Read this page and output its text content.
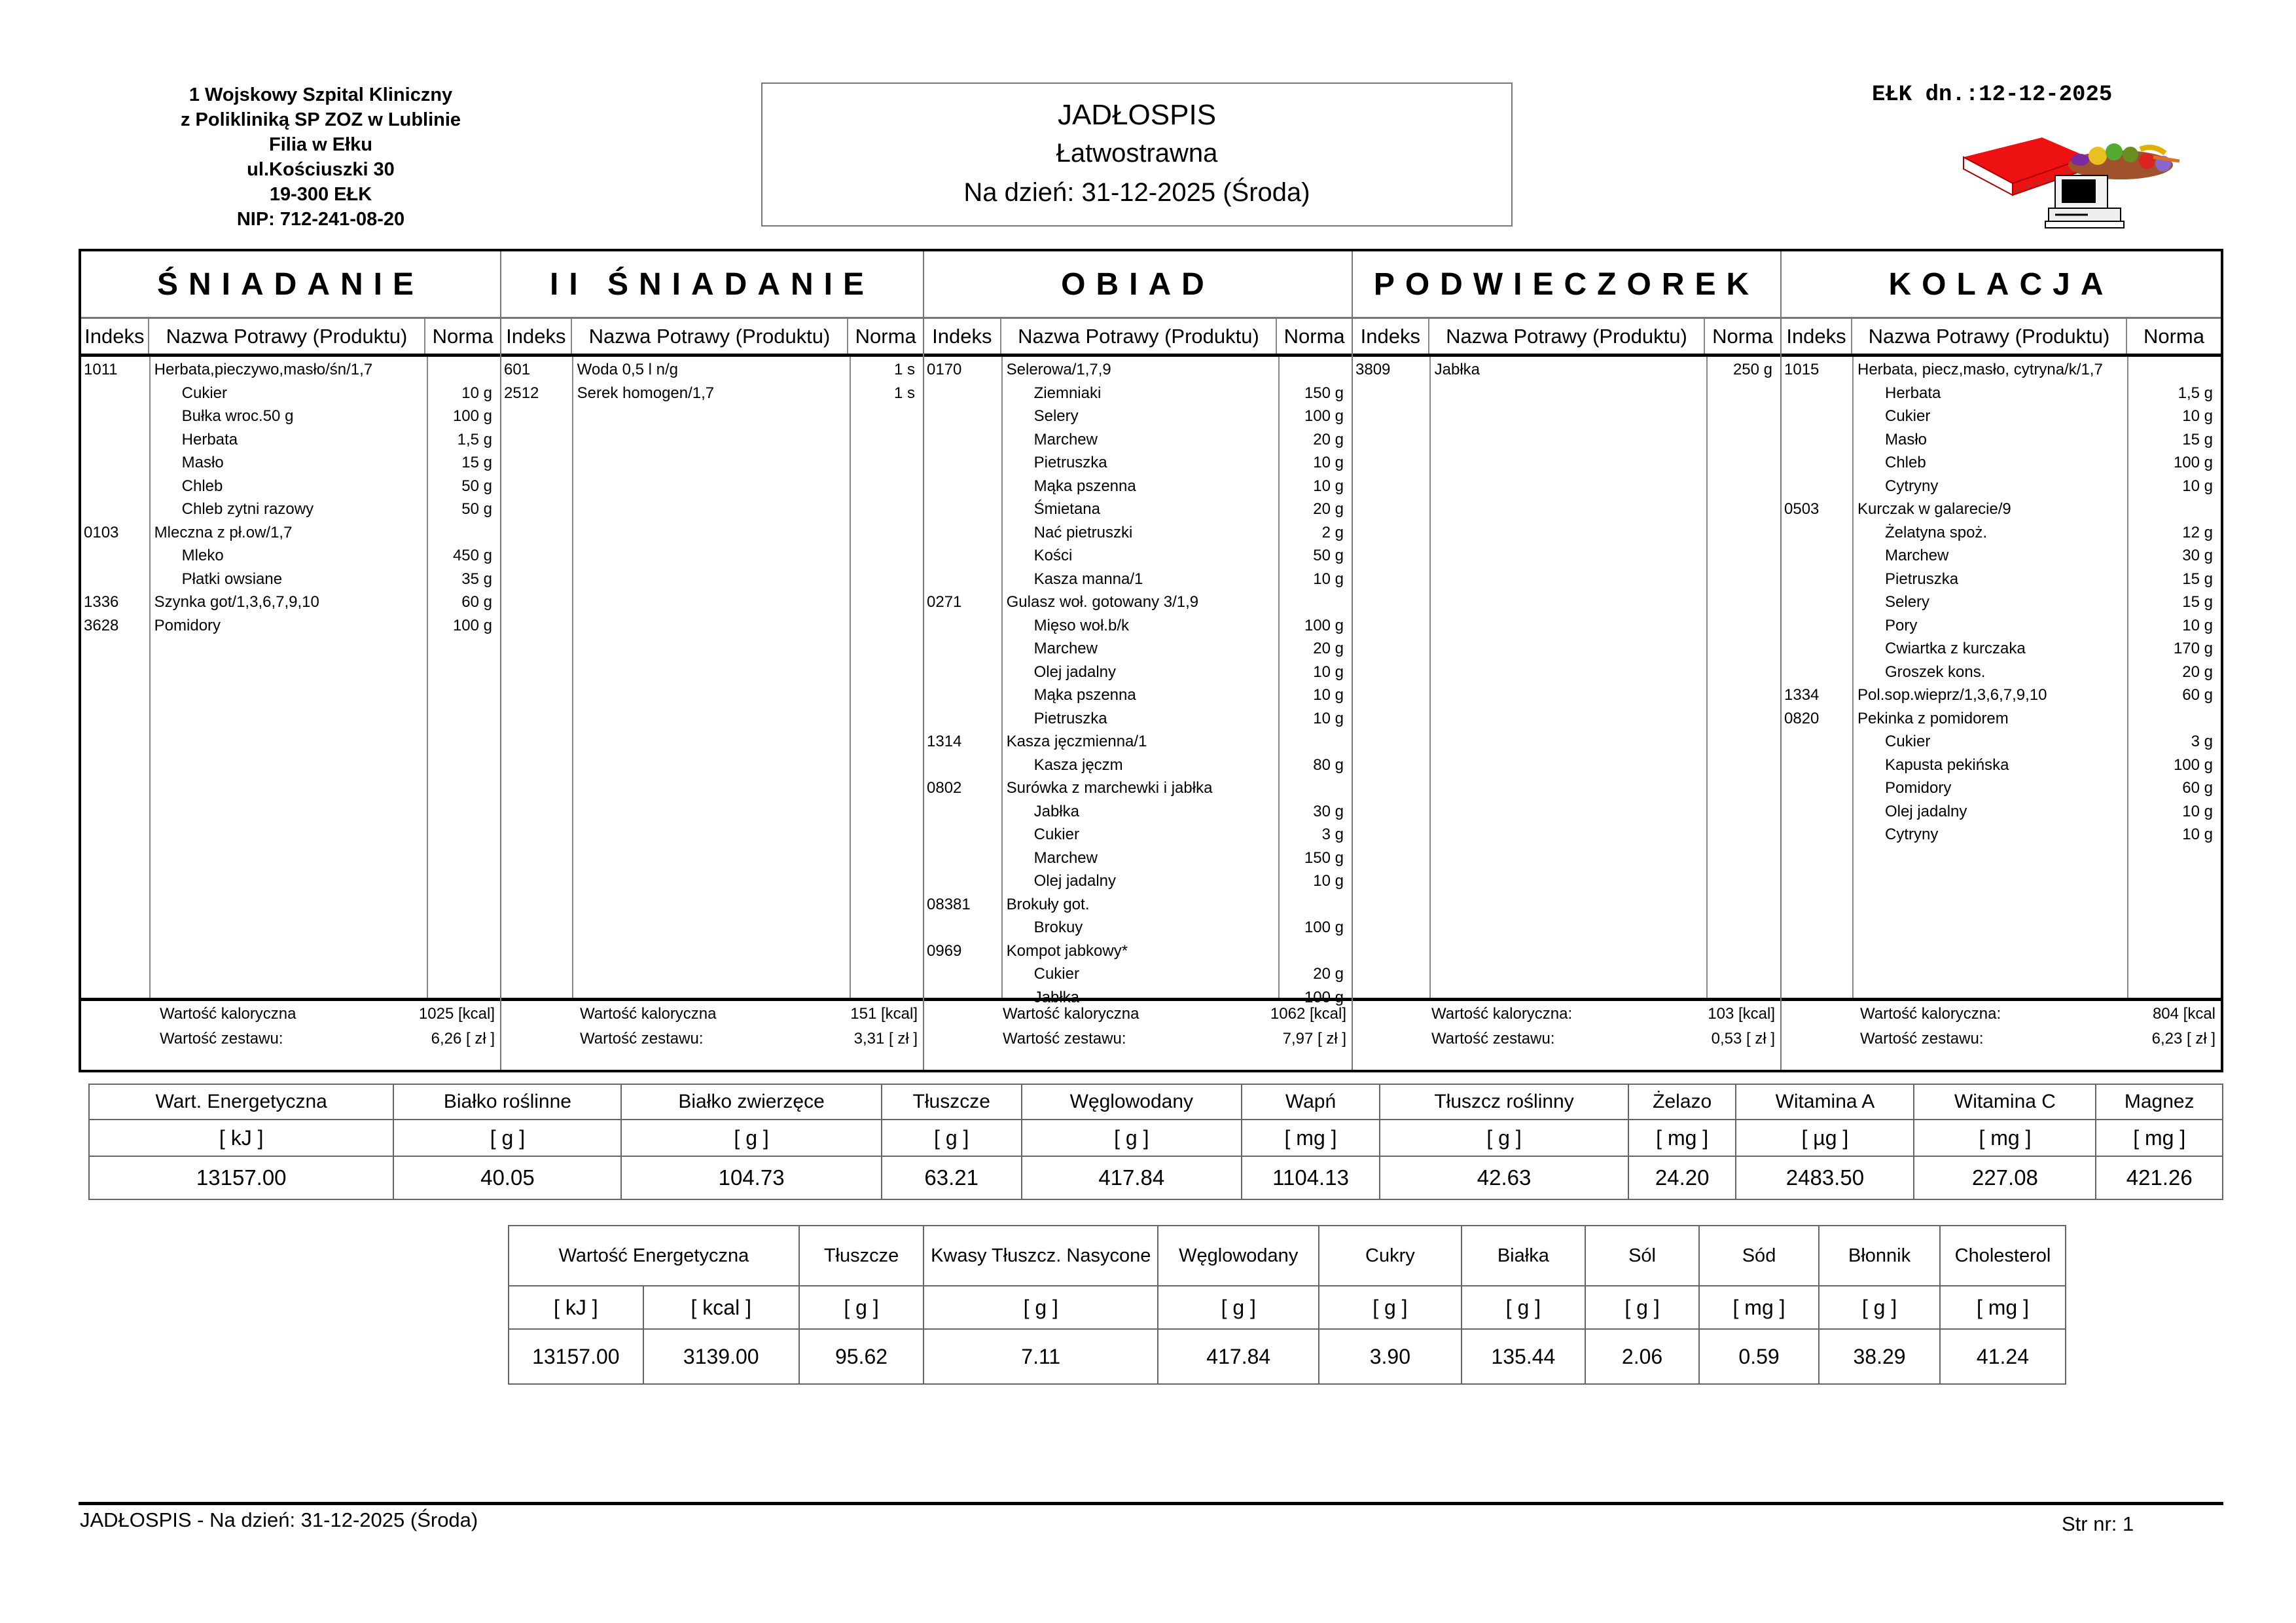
1 Wojskowy Szpital Kliniczny
z Polikliniką SP ZOZ w Lublinie
Filia w Ełku
ul.Kościuszki 30
19-300 EŁK
NIP: 712-241-08-20
JADŁOSPIS
Łatwostrawna
Na dzień: 31-12-2025 (Środa)
EŁK dn.:12-12-2025
ŚNIADANIE
Indeks	Nazwa Potrawy (Produktu)	Norma
1011	Herbata,pieczywo,masło/śn/1,7
Cukier	10 g
Bułka wroc.50 g	100 g
Herbata	1,5 g
Masło	15 g
Chleb	50 g
Chleb zytni razowy	50 g
0103	Mleczna z pł.ow/1,7
Mleko	450 g
Płatki owsiane	35 g
1336	Szynka got/1,3,6,7,9,10	60 g
3628	Pomidory	100 g
Wartość kaloryczna	1025 [kcal]
Wartość zestawu:	6,26 [ zł ]
II ŚNIADANIE
Indeks	Nazwa Potrawy (Produktu)	Norma
601	Woda 0,5 l n/g	1 s
2512	Serek homogen/1,7	1 s
Wartość kaloryczna	151 [kcal]
Wartość zestawu:	3,31 [ zł ]
OBIAD
Indeks	Nazwa Potrawy (Produktu)	Norma
0170	Selerowa/1,7,9
Ziemniaki	150 g
Selery	100 g
Marchew	20 g
Pietruszka	10 g
Mąka pszenna	10 g
Śmietana	20 g
Nać pietruszki	2 g
Kości	50 g
Kasza manna/1	10 g
0271	Gulasz woł. gotowany 3/1,9
Mięso woł.b/k	100 g
Marchew	20 g
Olej jadalny	10 g
Mąka pszenna	10 g
Pietruszka	10 g
1314	Kasza jęczmienna/1
Kasza jęczm	80 g
0802	Surówka z marchewki i jabłka
Jabłka	30 g
Cukier	3 g
Marchew	150 g
Olej jadalny	10 g
08381	Brokuły got.
Brokuy	100 g
0969	Kompot jabkowy*
Cukier	20 g
Jabłka	100 g
Wartość kaloryczna	1062 [kcal]
Wartość zestawu:	7,97 [ zł ]
PODWIECZOREK
Indeks	Nazwa Potrawy (Produktu)	Norma
3809	Jabłka	250 g
Wartość kaloryczna:	103 [kcal]
Wartość zestawu:	0,53 [ zł ]
KOLACJA
Indeks	Nazwa Potrawy (Produktu)	Norma
1015	Herbata, piecz,masło, cytryna/k/1,7
Herbata	1,5 g
Cukier	10 g
Masło	15 g
Chleb	100 g
Cytryny	10 g
0503	Kurczak w galarecie/9
Żelatyna spoż.	12 g
Marchew	30 g
Pietruszka	15 g
Selery	15 g
Pory	10 g
Cwiartka z kurczaka	170 g
Groszek kons.	20 g
1334	Pol.sop.wieprz/1,3,6,7,9,10	60 g
0820	Pekinka z pomidorem
Cukier	3 g
Kapusta pekińska	100 g
Pomidory	60 g
Olej jadalny	10 g
Cytryny	10 g
Wartość kaloryczna:	804 [kcal
Wartość zestawu:	6,23 [ zł ]
Wart. Energetyczna	Białko roślinne	Białko zwierzęce	Tłuszcze	Węglowodany	Wapń	Tłuszcz roślinny	Żelazo	Witamina A	Witamina C	Magnez
[ kJ ]	[ g ]	[ g ]	[ g ]	[ g ]	[ mg ]	[ g ]	[ mg ]	[ µg ]	[ mg ]	[ mg ]
13157.00	40.05	104.73	63.21	417.84	1104.13	42.63	24.20	2483.50	227.08	421.26
Wartość Energetyczna		Tłuszcze	Kwasy Tłuszcz. Nasycone	Węglowodany	Cukry	Białka	Sól	Sód	Błonnik	Cholesterol
[ kJ ]	[ kcal ]	[ g ]	[ g ]	[ g ]	[ g ]	[ g ]	[ g ]	[ mg ]	[ g ]	[ mg ]
13157.00	3139.00	95.62	7.11	417.84	3.90	135.44	2.06	0.59	38.29	41.24
JADŁOSPIS - Na dzień: 31-12-2025 (Środa)	Str nr: 1
